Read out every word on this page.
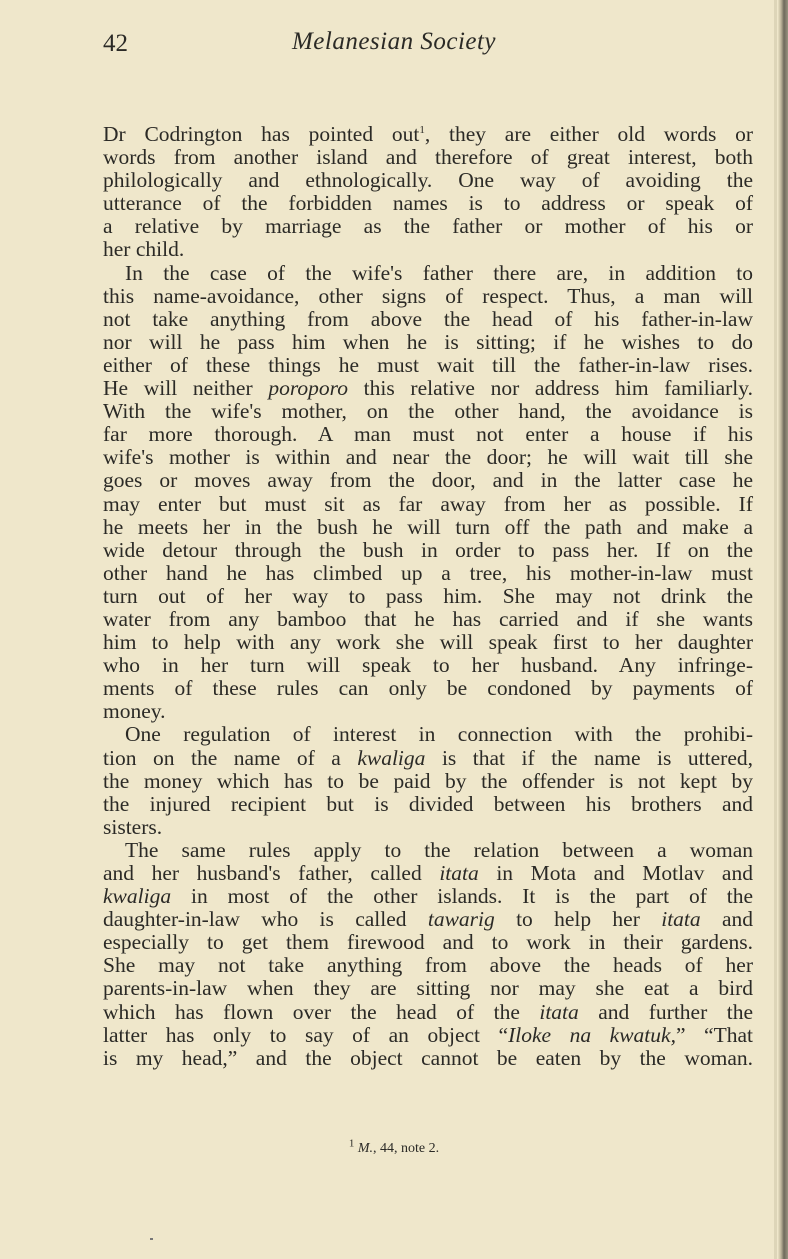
42	Melanesian Society
Dr Codrington has pointed out$^1$, they are either old words or
words from another island and therefore of great interest, both
philologically and ethnologically. One way of avoiding the
utterance of the forbidden names is to address or speak of
a relative by marriage as the father or mother of his or
her child.
In the case of the wife's father there are, in addition to
this name-avoidance, other signs of respect. Thus, a man will
not take anything from above the head of his father-in-law
nor will he pass him when he is sitting; if he wishes to do
either of these things he must wait till the father-in-law rises.
He will neither poroporo this relative nor address him familiarly.
With the wife's mother, on the other hand, the avoidance is
far more thorough. A man must not enter a house if his
wife's mother is within and near the door; he will wait till she
goes or moves away from the door, and in the latter case he
may enter but must sit as far away from her as possible. If
he meets her in the bush he will turn off the path and make a
wide detour through the bush in order to pass her. If on the
other hand he has climbed up a tree, his mother-in-law must
turn out of her way to pass him. She may not drink the
water from any bamboo that he has carried and if she wants
him to help with any work she will speak first to her daughter
who in her turn will speak to her husband. Any infringe-
ments of these rules can only be condoned by payments of
money.
One regulation of interest in connection with the prohibi-
tion on the name of a kwaliga is that if the name is uttered,
the money which has to be paid by the offender is not kept by
the injured recipient but is divided between his brothers and
sisters.
The same rules apply to the relation between a woman
and her husband's father, called itata in Mota and Motlav and
kwaliga in most of the other islands. It is the part of the
daughter-in-law who is called tawarig to help her itata and
especially to get them firewood and to work in their gardens.
She may not take anything from above the heads of her
parents-in-law when they are sitting nor may she eat a bird
which has flown over the head of the itata and further the
latter has only to say of an object “Iloke na kwatuk,” “That
is my head,” and the object cannot be eaten by the woman.
$^1$ M., 44, note 2.
